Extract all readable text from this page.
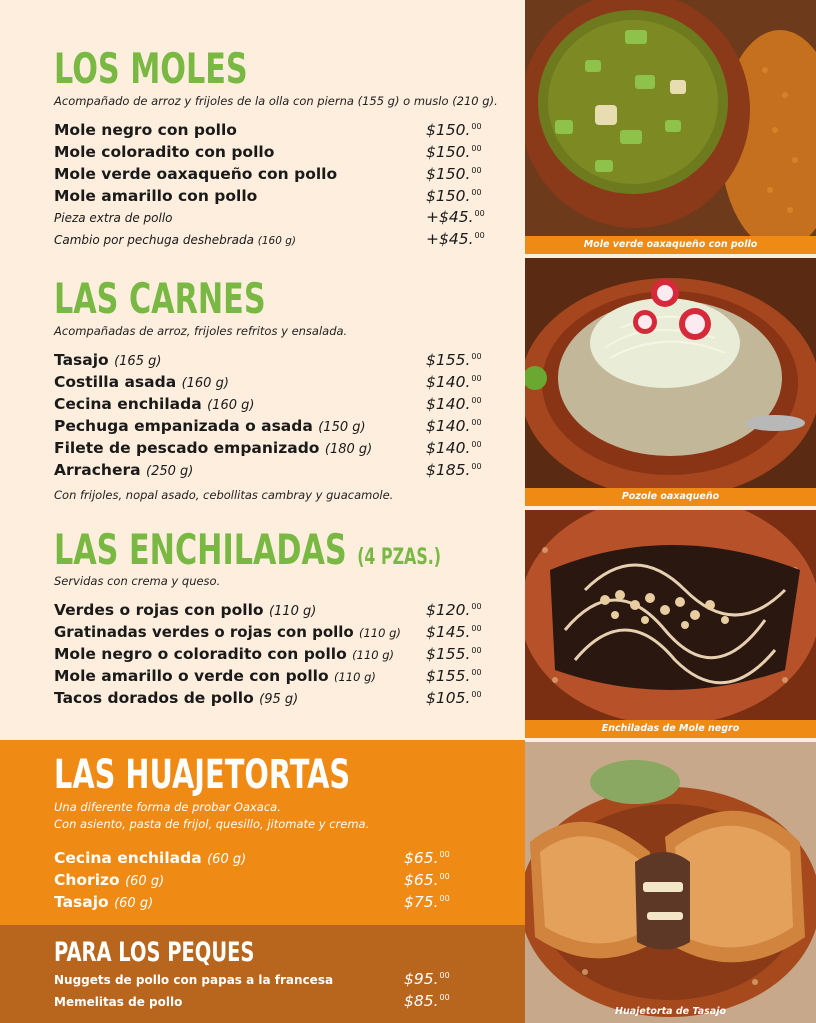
LOS MOLES
Acompañado de arroz y frijoles de la olla con pierna (155 g) o muslo (210 g).
Mole negro con pollo	$150.00
Mole coloradito con pollo	$150.00
Mole verde oaxaqueño con pollo	$150.00
Mole amarillo con pollo	$150.00
Pieza extra de pollo	+$45.00
Cambio por pechuga deshebrada (160 g)	+$45.00
LAS CARNES
Acompañadas de arroz, frijoles refritos y ensalada.
Tasajo (165 g)	$155.00
Costilla asada (160 g)	$140.00
Cecina enchilada (160 g)	$140.00
Pechuga empanizada o asada (150 g)	$140.00
Filete de pescado empanizado (180 g)	$140.00
Arrachera (250 g)	$185.00
Con frijoles, nopal asado, cebollitas cambray y guacamole.
LAS ENCHILADAS (4 PZAS.)
Servidas con crema y queso.
Verdes o rojas con pollo (110 g)	$120.00
Gratinadas verdes o rojas con pollo (110 g) $145.00
Mole negro o coloradito con pollo (110 g) $155.00
Mole amarillo o verde con pollo (110 g)	$155.00
Tacos dorados de pollo (95 g)	$105.00
LAS HUAJETORTAS
Una diferente forma de probar Oaxaca.
Con asiento, pasta de frijol, quesillo, jitomate y crema.
Cecina enchilada (60 g)	$65.00
Chorizo (60 g)	$65.00
Tasajo (60 g)	$75.00
PARA LOS PEQUES
Nuggets de pollo con papas a la francesa	$95.00
Memelitas de pollo	$85.00
Mole verde oaxaqueño con pollo
Pozole oaxaqueño
Enchiladas de Mole negro
Huajetorta de Tasajo
